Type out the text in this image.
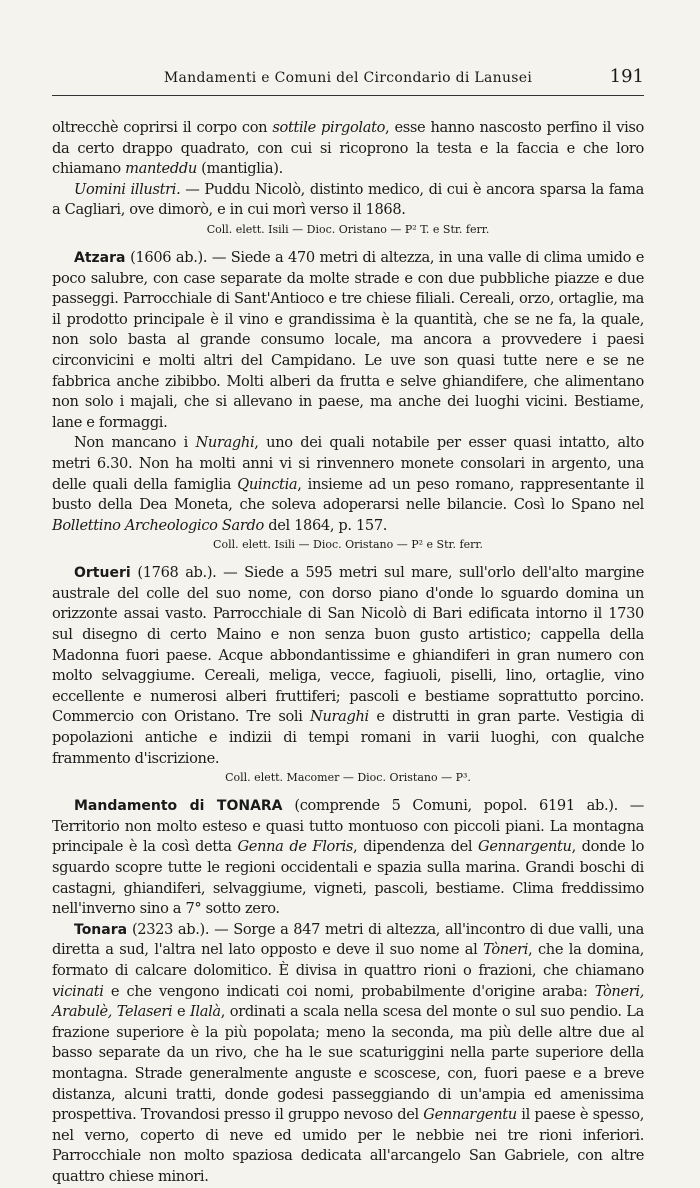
Mandamenti e Comuni del Circondario di Lanusei	191

oltrecchè coprirsi il corpo con sottile pirgolato, esse hanno nascosto perfino il viso da certo drappo quadrato, con cui si ricoprono la testa e la faccia e che loro chiamano manteddu (mantiglia).

Uomini illustri. — Puddu Nicolò, distinto medico, di cui è ancora sparsa la fama a Cagliari, ove dimorò, e in cui morì verso il 1868.

Coll. elett. Isili — Dioc. Oristano — P² T. e Str. ferr.

Atzara (1606 ab.). — Siede a 470 metri di altezza, in una valle di clima umido e poco salubre, con case separate da molte strade e con due pubbliche piazze e due passeggi. Parrocchiale di Sant'Antioco e tre chiese filiali. Cereali, orzo, ortaglie, ma il prodotto principale è il vino e grandissima è la quantità, che se ne fa, la quale, non solo basta al grande consumo locale, ma ancora a provvedere i paesi circonvicini e molti altri del Campidano. Le uve son quasi tutte nere e se ne fabbrica anche zibibbo. Molti alberi da frutta e selve ghiandifere, che alimentano non solo i majali, che si allevano in paese, ma anche dei luoghi vicini. Bestiame, lane e formaggi.

Non mancano i Nuraghi, uno dei quali notabile per esser quasi intatto, alto metri 6.30. Non ha molti anni vi si rinvennero monete consolari in argento, una delle quali della famiglia Quinctia, insieme ad un peso romano, rappresentante il busto della Dea Moneta, che soleva adoperarsi nelle bilancie. Così lo Spano nel Bollettino Archeologico Sardo del 1864, p. 157.

Coll. elett. Isili — Dioc. Oristano — P² e Str. ferr.

Ortueri (1768 ab.). — Siede a 595 metri sul mare, sull'orlo dell'alto margine australe del colle del suo nome, con dorso piano d'onde lo sguardo domina un orizzonte assai vasto. Parrocchiale di San Nicolò di Bari edificata intorno il 1730 sul disegno di certo Maino e non senza buon gusto artistico; cappella della Madonna fuori paese. Acque abbondantissime e ghiandiferi in gran numero con molto selvaggiume. Cereali, meliga, vecce, fagiuoli, piselli, lino, ortaglie, vino eccellente e numerosi alberi fruttiferi; pascoli e bestiame soprattutto porcino. Commercio con Oristano. Tre soli Nuraghi e distrutti in gran parte. Vestigia di popolazioni antiche e indizii di tempi romani in varii luoghi, con qualche frammento d'iscrizione.

Coll. elett. Macomer — Dioc. Oristano — P³.

Mandamento di TONARA (comprende 5 Comuni, popol. 6191 ab.). — Territorio non molto esteso e quasi tutto montuoso con piccoli piani. La montagna principale è la così detta Genna de Floris, dipendenza del Gennargentu, donde lo sguardo scopre tutte le regioni occidentali e spazia sulla marina. Grandi boschi di castagni, ghiandiferi, selvaggiume, vigneti, pascoli, bestiame. Clima freddissimo nell'inverno sino a 7° sotto zero.

Tonara (2323 ab.). — Sorge a 847 metri di altezza, all'incontro di due valli, una diretta a sud, l'altra nel lato opposto e deve il suo nome al Tòneri, che la domina, formato di calcare dolomitico. È divisa in quattro rioni o frazioni, che chiamano vicinati e che vengono indicati coi nomi, probabilmente d'origine araba: Tòneri, Arabulè, Telaseri e Ilalà, ordinati a scala nella scesa del monte o sul suo pendio. La frazione superiore è la più popolata; meno la seconda, ma più delle altre due al basso separate da un rivo, che ha le sue scaturiggini nella parte superiore della montagna. Strade generalmente anguste e scoscese, con, fuori paese e a breve distanza, alcuni tratti, donde godesi passeggiando di un'ampia ed amenissima prospettiva. Trovandosi presso il gruppo nevoso del Gennargentu il paese è spesso, nel verno, coperto di neve ed umido per le nebbie nei tre rioni inferiori. Parrocchiale non molto spaziosa dedicata all'arcangelo San Gabriele, con altre quattro chiese minori.
